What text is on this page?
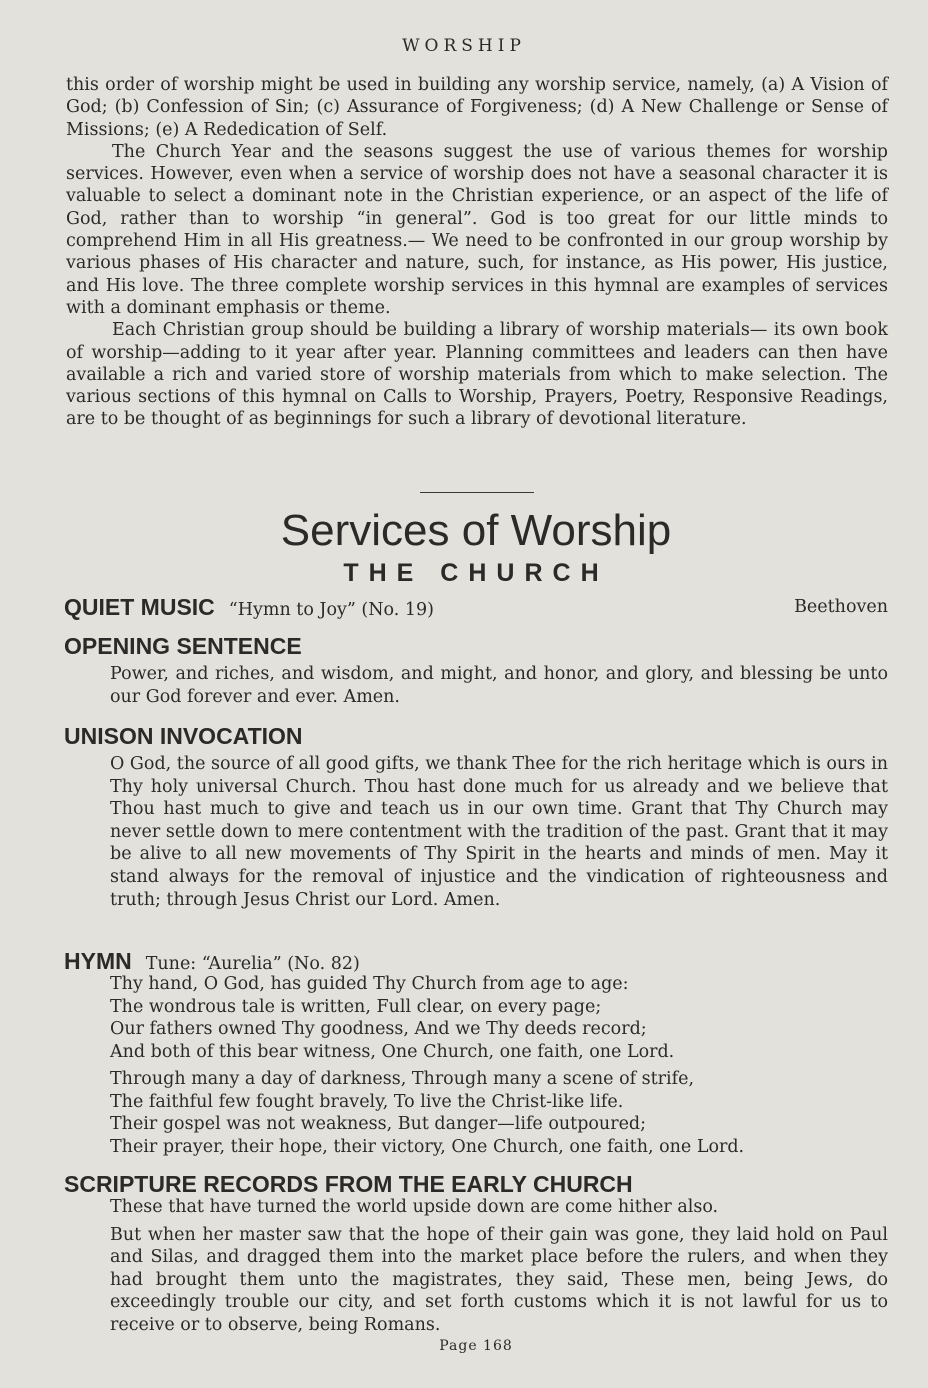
WORSHIP

this order of worship might be used in building any worship service, namely, (a) A Vision of God; (b) Confession of Sin; (c) Assurance of Forgiveness; (d) A New Challenge or Sense of Missions; (e) A Rededication of Self.

The Church Year and the seasons suggest the use of various themes for worship services. However, even when a service of worship does not have a seasonal character it is valuable to select a dominant note in the Christian experience, or an aspect of the life of God, rather than to worship “in general”. God is too great for our little minds to comprehend Him in all His greatness.— We need to be confronted in our group worship by various phases of His character and nature, such, for instance, as His power, His justice, and His love. The three complete worship services in this hymnal are examples of services with a dominant emphasis or theme.

Each Christian group should be building a library of worship materials— its own book of worship—adding to it year after year. Planning committees and leaders can then have available a rich and varied store of worship materials from which to make selection. The various sections of this hymnal on Calls to Worship, Prayers, Poetry, Responsive Readings, are to be thought of as beginnings for such a library of devotional literature.

Services of Worship
THE CHURCH
QUIET MUSIC “Hymn to Joy” (No. 19)	Beethoven
OPENING SENTENCE

Power, and riches, and wisdom, and might, and honor, and glory, and blessing be unto our God forever and ever. Amen.

UNISON INVOCATION

O God, the source of all good gifts, we thank Thee for the rich heritage which is ours in Thy holy universal Church. Thou hast done much for us already and we believe that Thou hast much to give and teach us in our own time. Grant that Thy Church may never settle down to mere contentment with the tradition of the past. Grant that it may be alive to all new movements of Thy Spirit in the hearts and minds of men. May it stand always for the removal of injustice and the vindication of righteousness and truth; through Jesus Christ our Lord. Amen.

HYMN Tune: “Aurelia” (No. 82)
Thy hand, O God, has guided Thy Church from age to age:
The wondrous tale is written, Full clear, on every page;
Our fathers owned Thy goodness, And we Thy deeds record;
And both of this bear witness, One Church, one faith, one Lord.
Through many a day of darkness, Through many a scene of strife,
The faithful few fought bravely, To live the Christ-like life.
Their gospel was not weakness, But danger—life outpoured;
Their prayer, their hope, their victory, One Church, one faith, one Lord.
SCRIPTURE RECORDS FROM THE EARLY CHURCH

These that have turned the world upside down are come hither also.

But when her master saw that the hope of their gain was gone, they laid hold on Paul and Silas, and dragged them into the market place before the rulers, and when they had brought them unto the magistrates, they said, These men, being Jews, do exceedingly trouble our city, and set forth customs which it is not lawful for us to receive or to observe, being Romans.

Page 168
